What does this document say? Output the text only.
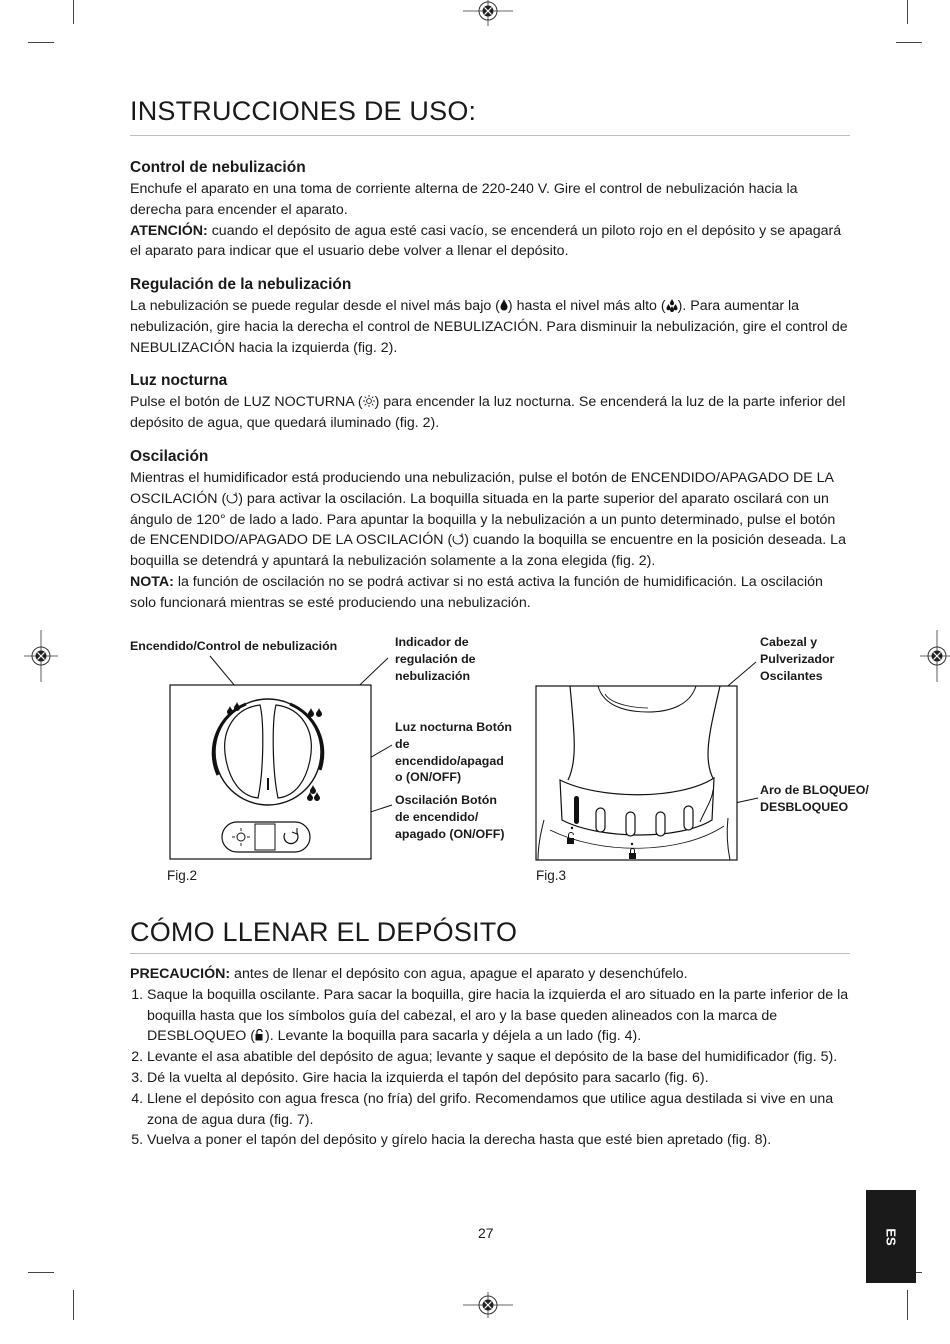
INSTRUCCIONES DE USO:
Control de nebulización

Enchufe el aparato en una toma de corriente alterna de 220-240 V. Gire el control de nebulización hacia la derecha para encender el aparato.

ATENCIÓN: cuando el depósito de agua esté casi vacío, se encenderá un piloto rojo en el depósito y se apagará el aparato para indicar que el usuario debe volver a llenar el depósito.

Regulación de la nebulización

La nebulización se puede regular desde el nivel más bajo ( ) hasta el nivel más alto ( ). Para aumentar la nebulización, gire hacia la derecha el control de NEBULIZACIÓN. Para disminuir la nebulización, gire el control de NEBULIZACIÓN hacia la izquierda (fig. 2).

Luz nocturna

Pulse el botón de LUZ NOCTURNA ( ) para encender la luz nocturna. Se encenderá la luz de la parte inferior del depósito de agua, que quedará iluminado (fig. 2).

Oscilación

Mientras el humidificador está produciendo una nebulización, pulse el botón de ENCENDIDO/APAGADO DE LA OSCILACIÓN ( ) para activar la oscilación. La boquilla situada en la parte superior del aparato oscilará con un ángulo de 120° de lado a lado. Para apuntar la boquilla y la nebulización a un punto determinado, pulse el botón de ENCENDIDO/APAGADO DE LA OSCILACIÓN ( ) cuando la boquilla se encuentre en la posición deseada. La boquilla se detendrá y apuntará la nebulización solamente a la zona elegida (fig. 2).

NOTA: la función de oscilación no se podrá activar si no está activa la función de humidificación. La oscilación solo funcionará mientras se esté produciendo una nebulización.

Encendido/Control de nebulización	Indicador de regulación de nebulización
Luz nocturna Botón de encendido/apagad o (ON/OFF)
Oscilación Botón de encendido/ apagado (ON/OFF)
Fig.2
Cabezal y Pulverizador Oscilantes
Aro de BLOQUEO/ DESBLOQUEO
Fig.3
CÓMO LLENAR EL DEPÓSITO

PRECAUCIÓN: antes de llenar el depósito con agua, apague el aparato y desenchúfelo.

1. Saque la boquilla oscilante. Para sacar la boquilla, gire hacia la izquierda el aro situado en la parte inferior de la boquilla hasta que los símbolos guía del cabezal, el aro y la base queden alineados con la marca de DESBLOQUEO ( ). Levante la boquilla para sacarla y déjela a un lado (fig. 4).
2. Levante el asa abatible del depósito de agua; levante y saque el depósito de la base del humidificador (fig. 5).
3. Dé la vuelta al depósito. Gire hacia la izquierda el tapón del depósito para sacarlo (fig. 6).
4. Llene el depósito con agua fresca (no fría) del grifo. Recomendamos que utilice agua destilada si vive en una zona de agua dura (fig. 7).
5. Vuelva a poner el tapón del depósito y gírelo hacia la derecha hasta que esté bien apretado (fig. 8).
27	ES
